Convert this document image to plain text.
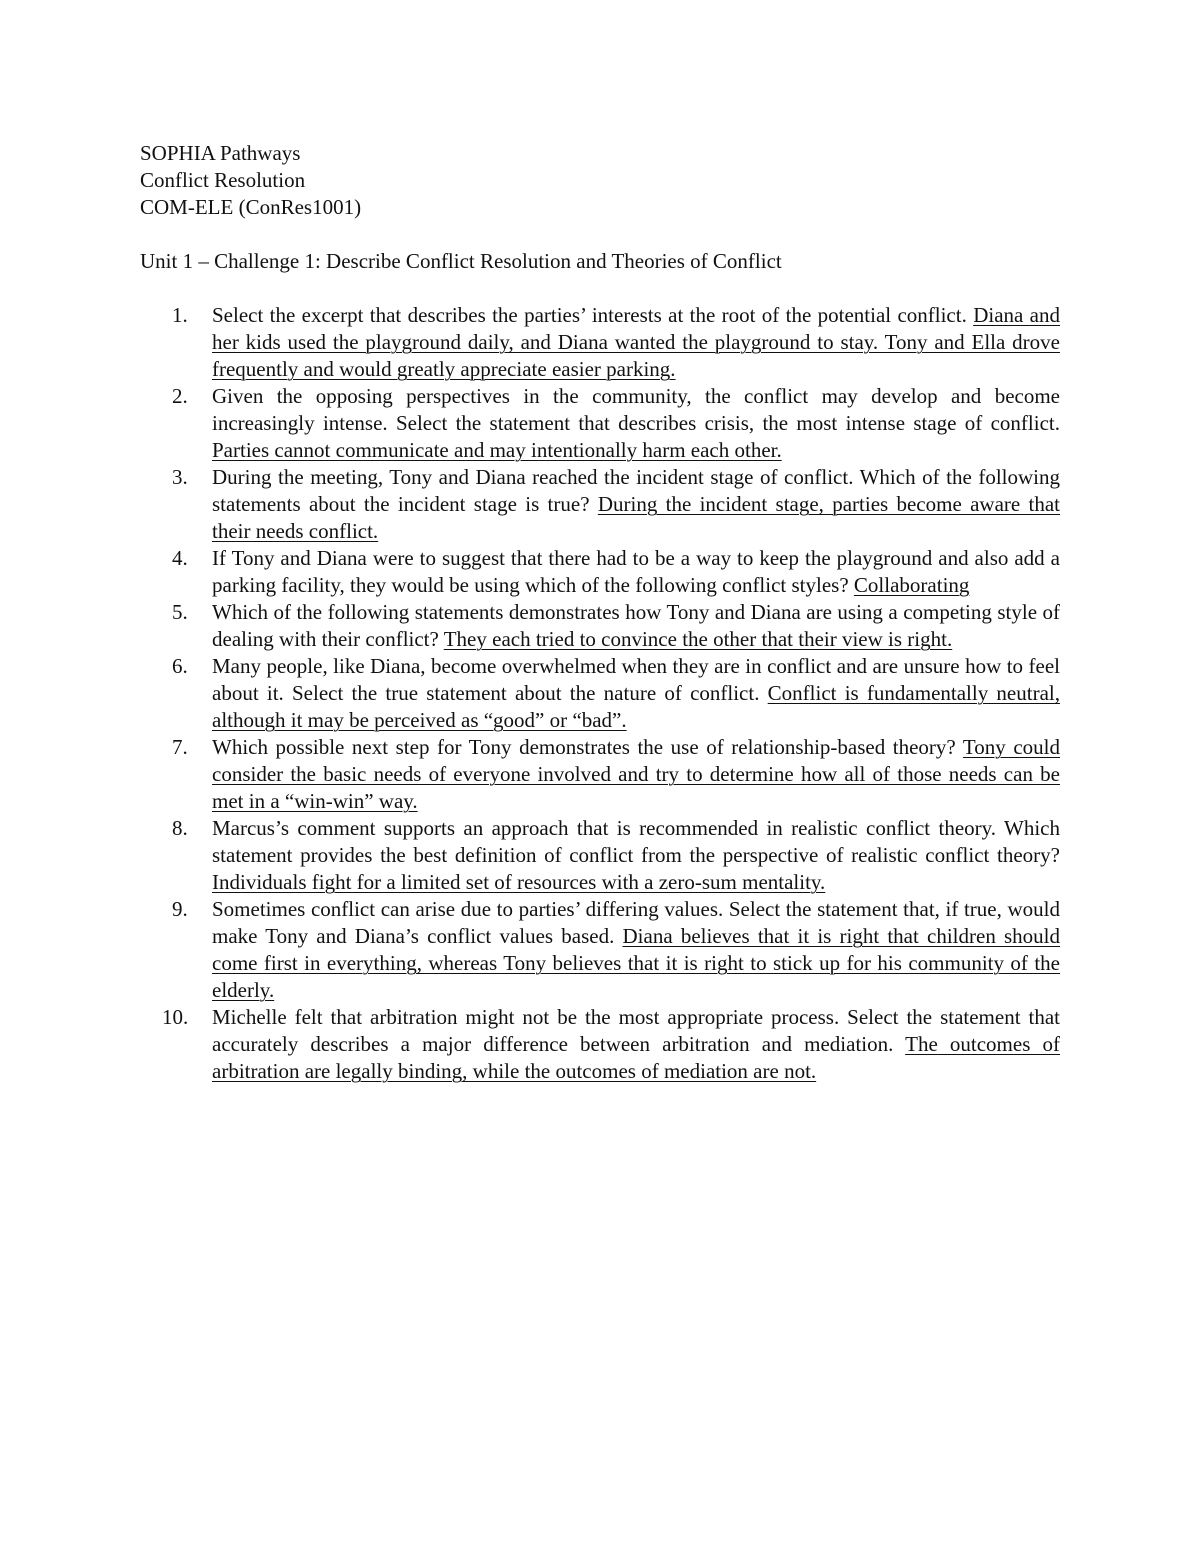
SOPHIA Pathways
Conflict Resolution
COM-ELE (ConRes1001)
Unit 1 – Challenge 1: Describe Conflict Resolution and Theories of Conflict
1.	Select the excerpt that describes the parties’ interests at the root of the potential conflict. Diana and her kids used the playground daily, and Diana wanted the playground to stay. Tony and Ella drove frequently and would greatly appreciate easier parking.
2.	Given the opposing perspectives in the community, the conflict may develop and become increasingly intense. Select the statement that describes crisis, the most intense stage of conflict. Parties cannot communicate and may intentionally harm each other.
3.	During the meeting, Tony and Diana reached the incident stage of conflict. Which of the following statements about the incident stage is true? During the incident stage, parties become aware that their needs conflict.
4.	If Tony and Diana were to suggest that there had to be a way to keep the playground and also add a parking facility, they would be using which of the following conflict styles? Collaborating
5.	Which of the following statements demonstrates how Tony and Diana are using a competing style of dealing with their conflict? They each tried to convince the other that their view is right.
6.	Many people, like Diana, become overwhelmed when they are in conflict and are unsure how to feel about it. Select the true statement about the nature of conflict. Conflict is fundamentally neutral, although it may be perceived as “good” or “bad”.
7.	Which possible next step for Tony demonstrates the use of relationship-based theory? Tony could consider the basic needs of everyone involved and try to determine how all of those needs can be met in a “win-win” way.
8.	Marcus’s comment supports an approach that is recommended in realistic conflict theory. Which statement provides the best definition of conflict from the perspective of realistic conflict theory? Individuals fight for a limited set of resources with a zero-sum mentality.
9.	Sometimes conflict can arise due to parties’ differing values. Select the statement that, if true, would make Tony and Diana’s conflict values based. Diana believes that it is right that children should come first in everything, whereas Tony believes that it is right to stick up for his community of the elderly.
10.	Michelle felt that arbitration might not be the most appropriate process. Select the statement that accurately describes a major difference between arbitration and mediation. The outcomes of arbitration are legally binding, while the outcomes of mediation are not.
